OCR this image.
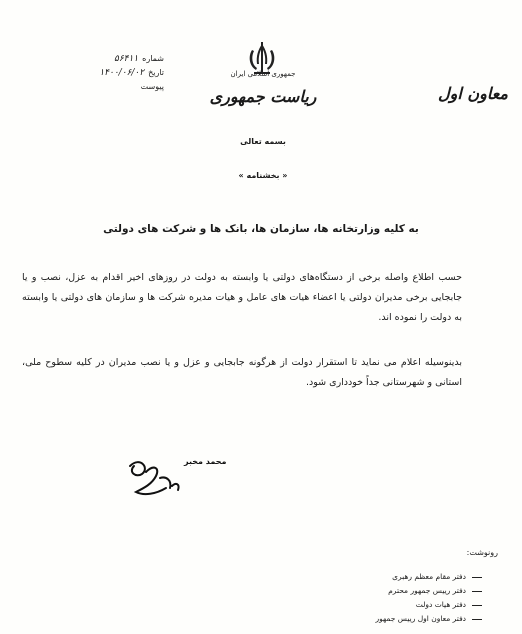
جمهوری اسلامی ایران
ریاست جمهوری	معاون اول
شماره
۵۶۴۱۱
تاریخ
۱۴۰۰/۰۶/۰۲
پیوست
بسمه تعالی
« بخشنامه »
به کلیه وزارتخانه ها، سازمان ها، بانک ها و شرکت های دولتی
حسب اطلاع واصله برخی از دستگاه‌های دولتی یا وابسته به دولت در روزهای اخیر اقدام به عزل، نصب و یا جابجایی برخی مدیران دولتی یا اعضاء هیات های عامل و هیات مدیره شرکت ها و سازمان های دولتی یا وابسته به دولت را نموده اند.
بدینوسیله اعلام می نماید تا استقرار دولت از هرگونه جابجایی و عزل و یا نصب مدیران در کلیه سطوح ملی، استانی و شهرستانی جداً خودداری شود.
محمد مخبر
رونوشت:
دفتر مقام معظم رهبری
دفتر رییس جمهور محترم
دفتر هیات دولت
دفتر معاون اول رییس جمهور
